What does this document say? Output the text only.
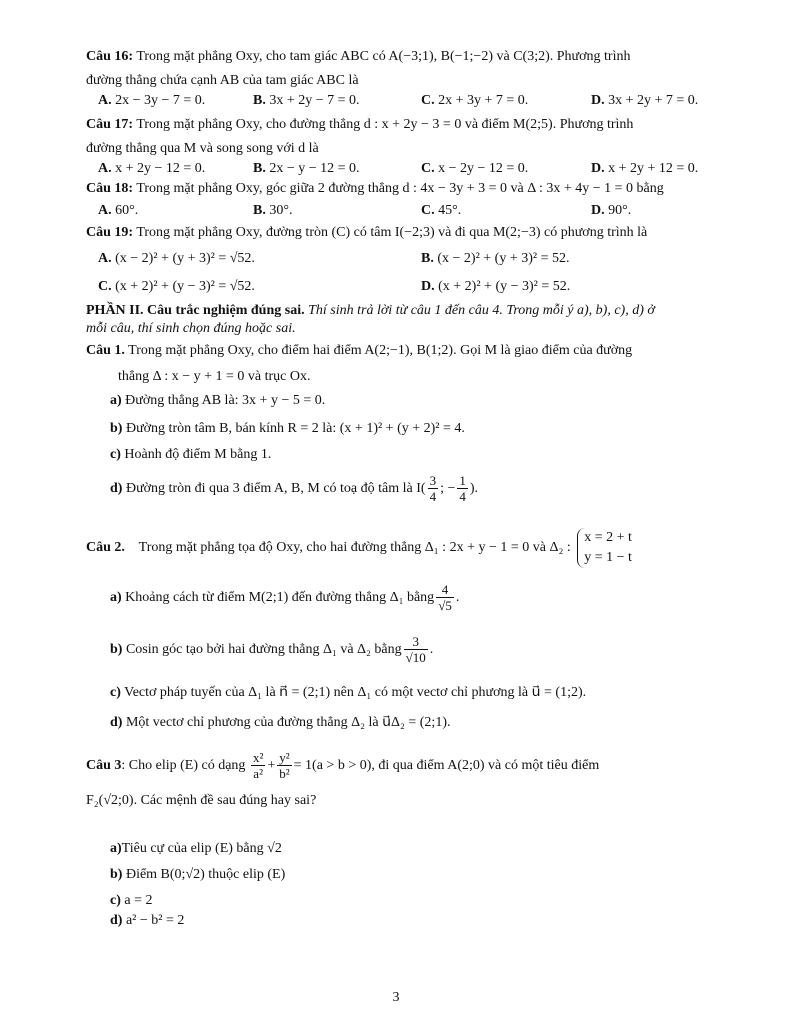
Câu 16: Trong mặt phẳng Oxy, cho tam giác ABC có A(−3;1), B(−1;−2) và C(3;2). Phương trình
đường thẳng chứa cạnh AB của tam giác ABC là
A. 2x − 3y − 7 = 0.	B. 3x + 2y − 7 = 0.	C. 2x + 3y + 7 = 0.	D. 3x + 2y + 7 = 0.
Câu 17: Trong mặt phẳng Oxy, cho đường thẳng d : x + 2y − 3 = 0 và điểm M(2;5). Phương trình
đường thẳng qua M và song song với d là
A. x + 2y − 12 = 0.	B. 2x − y − 12 = 0.	C. x − 2y − 12 = 0.	D. x + 2y + 12 = 0.
Câu 18: Trong mặt phẳng Oxy, góc giữa 2 đường thẳng d : 4x − 3y + 3 = 0 và Δ : 3x + 4y − 1 = 0 bằng
A. 60°.	B. 30°.	C. 45°.	D. 90°.
Câu 19: Trong mặt phẳng Oxy, đường tròn (C) có tâm I(−2;3) và đi qua M(2;−3) có phương trình là
A. (x − 2)² + (y + 3)² = √52.	B. (x − 2)² + (y + 3)² = 52.
C. (x + 2)² + (y − 3)² = √52.	D. (x + 2)² + (y − 3)² = 52.
PHẦN II. Câu trắc nghiệm đúng sai. Thí sinh trả lời từ câu 1 đến câu 4. Trong mỗi ý a), b), c), d) ở
mỗi câu, thí sinh chọn đúng hoặc sai.
Câu 1. Trong mặt phẳng Oxy, cho điểm hai điểm A(2;−1), B(1;2). Gọi M là giao điểm của đường
thẳng Δ : x − y + 1 = 0 và trục Ox.
a) Đường thẳng AB là: 3x + y − 5 = 0.
b) Đường tròn tâm B, bán kính R = 2 là: (x + 1)² + (y + 2)² = 4.
c) Hoành độ điểm M bằng 1.
d) Đường tròn đi qua 3 điểm A, B, M có toạ độ tâm là $I( \frac{3}{4}$ ; − $\frac{1}{4}$ ).
Câu 2. Trong mặt phẳng tọa độ Oxy, cho hai đường thẳng Δ₁ : 2x + y − 1 = 0 và Δ₂ :
x = 2 + t
y = 1 − t
a) Khoảng cách từ điểm M(2;1) đến đường thẳng Δ₁ bằng $\frac{4}{√5}$ .
b) Cosin góc tạo bởi hai đường thẳng Δ₁ và Δ₂ bằng $\frac{3}{√10}$ .
c) Vectơ pháp tuyến của Δ₁ là n⃗ = (2;1) nên Δ₁ có một vectơ chỉ phương là u⃗ = (1;2).
d) Một vectơ chỉ phương của đường thẳng Δ₂ là u⃗Δ₂ = (2;1).
Câu 3: Cho elip (E) có dạng $\frac{\text{x²}}{\text{a²}} + \frac{\text{y²}}{\text{b²}} = 1(a > b > 0)$, đi qua điểm A(2;0) và có một tiêu điểm
F₂(√2;0). Các mệnh đề sau đúng hay sai?
a)Tiêu cự của elip (E) bằng √2
b) Điểm B(0;√2) thuộc elip (E)
c) a = 2
d) a² − b² = 2
3
